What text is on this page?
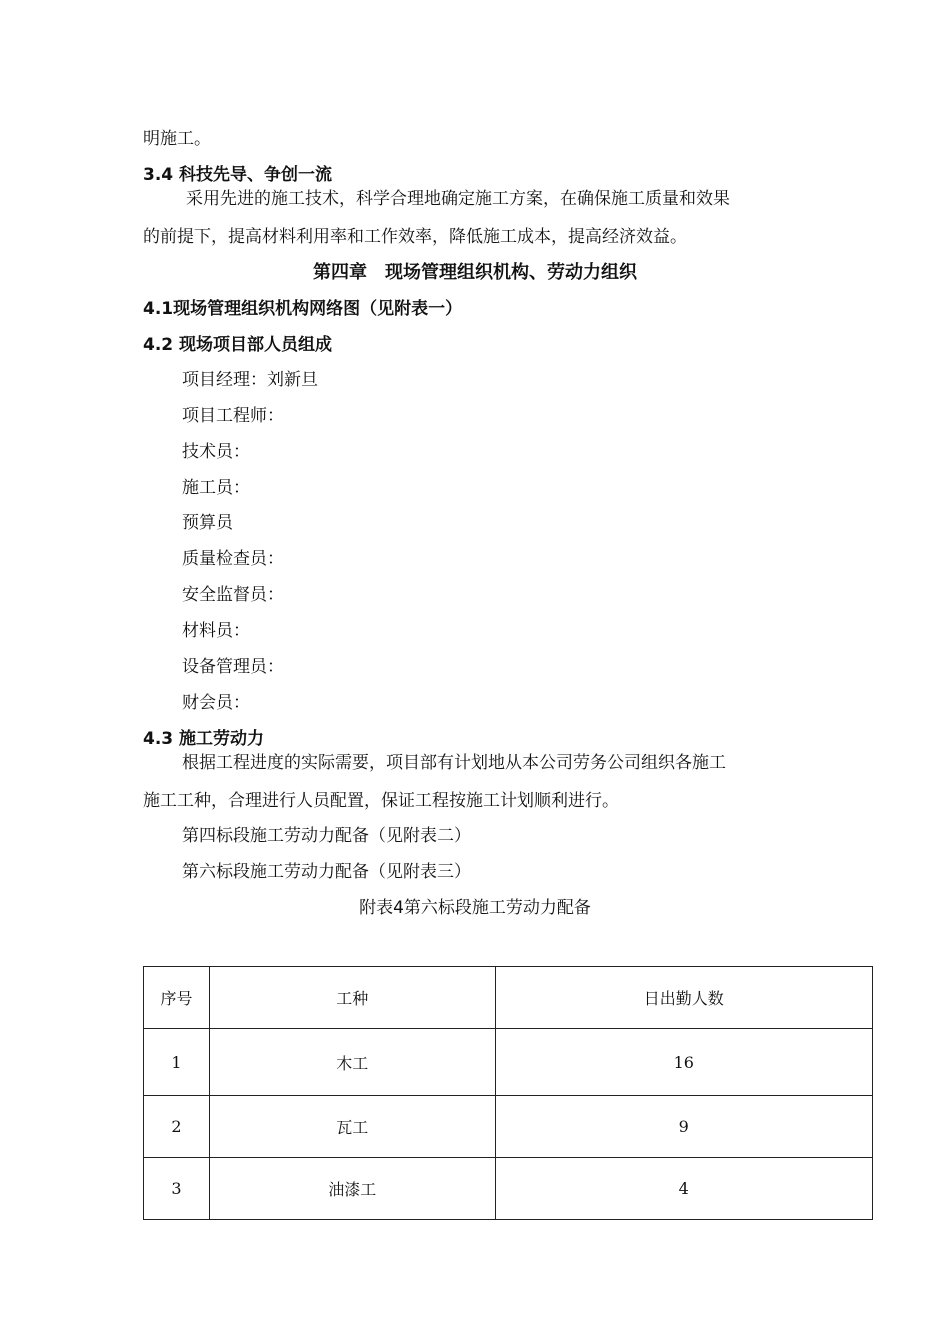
明施工。
3.4 科技先导、争创一流
采用先进的施工技术，科学合理地确定施工方案，在确保施工质量和效果
的前提下，提高材料利用率和工作效率，降低施工成本，提高经济效益。
第四章　现场管理组织机构、劳动力组织
4.1现场管理组织机构网络图（见附表一）
4.2 现场项目部人员组成
项目经理：刘新旦
项目工程师：
技术员：
施工员：
预算员
质量检查员：
安全监督员：
材料员：
设备管理员：
财会员：
4.3 施工劳动力
根据工程进度的实际需要，项目部有计划地从本公司劳务公司组织各施工
施工工种，合理进行人员配置，保证工程按施工计划顺利进行。
第四标段施工劳动力配备（见附表二）
第六标段施工劳动力配备（见附表三）
附表4第六标段施工劳动力配备
序号	工种	日出勤人数
1	木工	16
2	瓦工	9
3	油漆工	4
